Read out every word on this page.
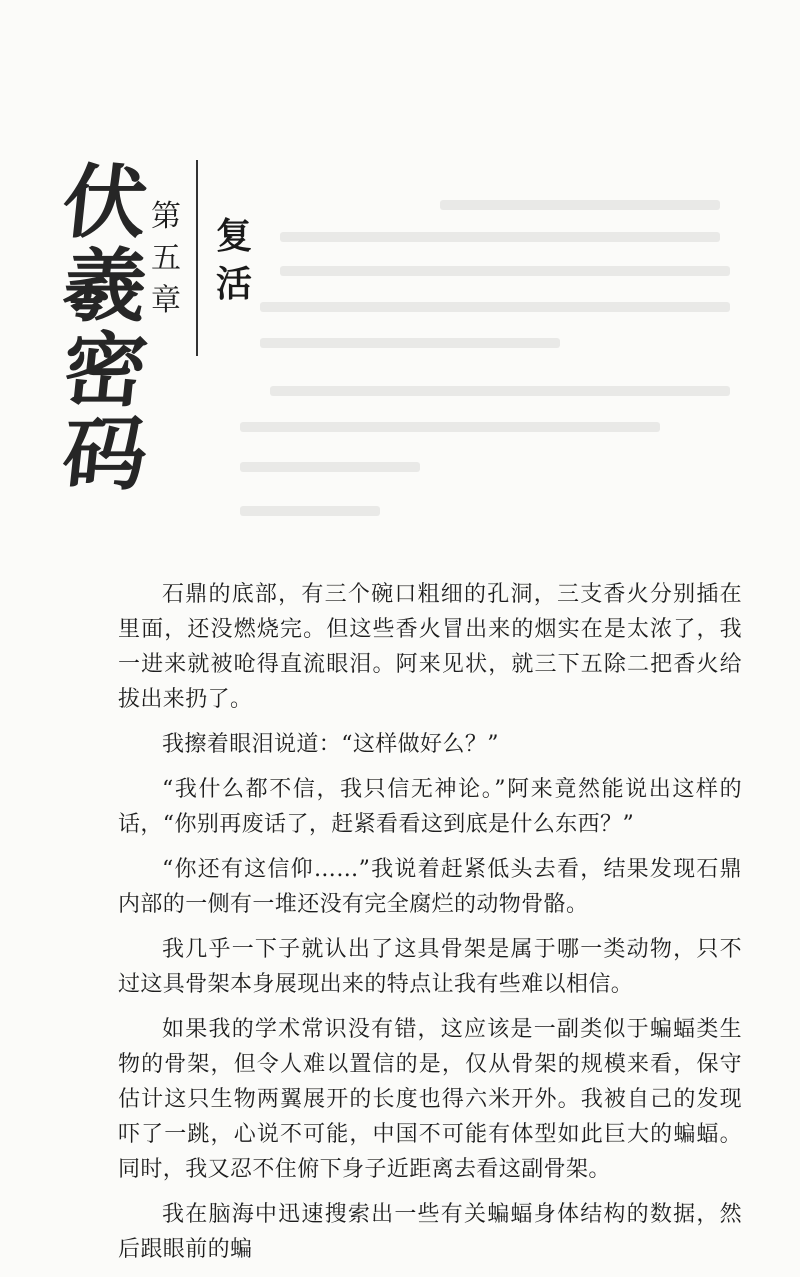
伏
羲
密
码
第
五
章
复
活

石鼎的底部，有三个碗口粗细的孔洞，三支香火分别插在里面，还没燃烧完。但这些香火冒出来的烟实在是太浓了，我一进来就被呛得直流眼泪。阿来见状，就三下五除二把香火给拔出来扔了。

我擦着眼泪说道：“这样做好么？”

“我什么都不信，我只信无神论。”阿来竟然能说出这样的话，“你别再废话了，赶紧看看这到底是什么东西？”

“你还有这信仰……”我说着赶紧低头去看，结果发现石鼎内部的一侧有一堆还没有完全腐烂的动物骨骼。

我几乎一下子就认出了这具骨架是属于哪一类动物，只不过这具骨架本身展现出来的特点让我有些难以相信。

如果我的学术常识没有错，这应该是一副类似于蝙蝠类生物的骨架，但令人难以置信的是，仅从骨架的规模来看，保守估计这只生物两翼展开的长度也得六米开外。我被自己的发现吓了一跳，心说不可能，中国不可能有体型如此巨大的蝙蝠。同时，我又忍不住俯下身子近距离去看这副骨架。

我在脑海中迅速搜索出一些有关蝙蝠身体结构的数据，然后跟眼前的蝙
